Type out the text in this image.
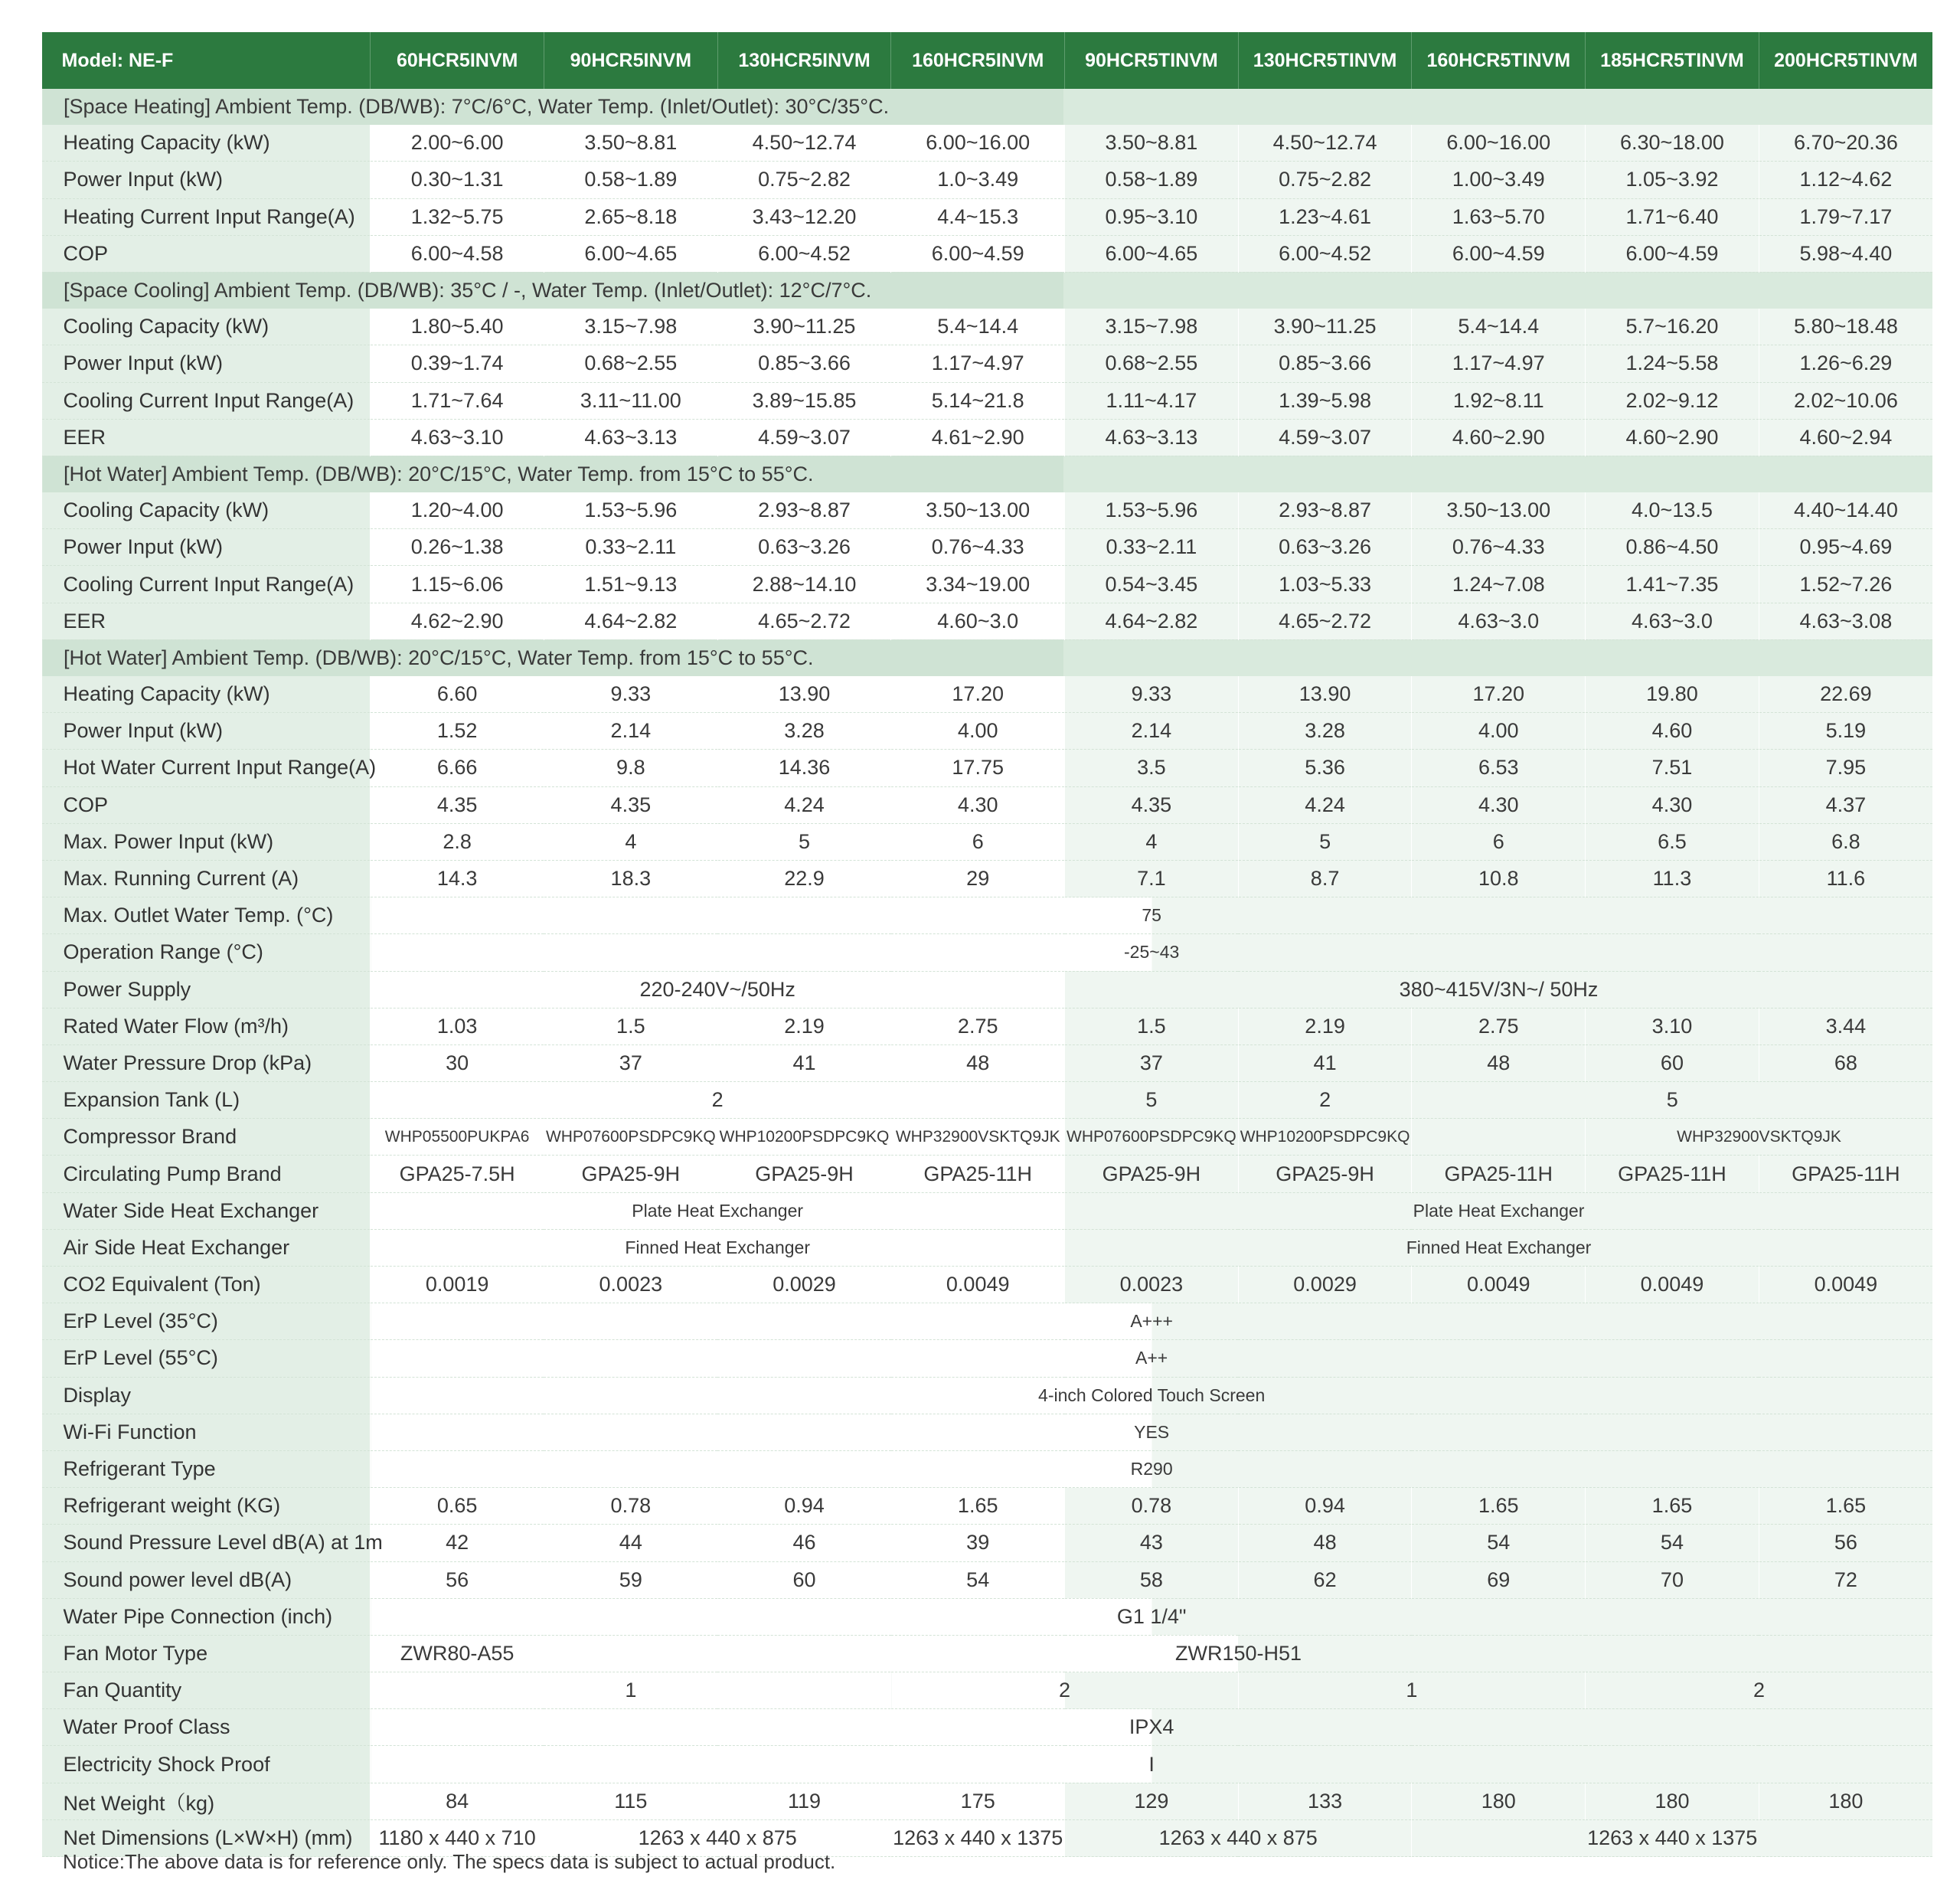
Model: NE-F	60HCR5INVM	90HCR5INVM	130HCR5INVM	160HCR5INVM	90HCR5TINVM	130HCR5TINVM	160HCR5TINVM	185HCR5TINVM	200HCR5TINVM
[Space Heating] Ambient Temp. (DB/WB): 7°C/6°C, Water Temp. (Inlet/Outlet): 30°C/35°C.									
Heating Capacity (kW)	2.00~6.00	3.50~8.81	4.50~12.74	6.00~16.00	3.50~8.81	4.50~12.74	6.00~16.00	6.30~18.00	6.70~20.36
Power Input (kW)	0.30~1.31	0.58~1.89	0.75~2.82	1.0~3.49	0.58~1.89	0.75~2.82	1.00~3.49	1.05~3.92	1.12~4.62
Heating Current Input Range(A)	1.32~5.75	2.65~8.18	3.43~12.20	4.4~15.3	0.95~3.10	1.23~4.61	1.63~5.70	1.71~6.40	1.79~7.17
COP	6.00~4.58	6.00~4.65	6.00~4.52	6.00~4.59	6.00~4.65	6.00~4.52	6.00~4.59	6.00~4.59	5.98~4.40
[Space Cooling] Ambient Temp. (DB/WB): 35°C / -, Water Temp. (Inlet/Outlet): 12°C/7°C.									
Cooling Capacity (kW)	1.80~5.40	3.15~7.98	3.90~11.25	5.4~14.4	3.15~7.98	3.90~11.25	5.4~14.4	5.7~16.20	5.80~18.48
Power Input (kW)	0.39~1.74	0.68~2.55	0.85~3.66	1.17~4.97	0.68~2.55	0.85~3.66	1.17~4.97	1.24~5.58	1.26~6.29
Cooling Current Input Range(A)	1.71~7.64	3.11~11.00	3.89~15.85	5.14~21.8	1.11~4.17	1.39~5.98	1.92~8.11	2.02~9.12	2.02~10.06
EER	4.63~3.10	4.63~3.13	4.59~3.07	4.61~2.90	4.63~3.13	4.59~3.07	4.60~2.90	4.60~2.90	4.60~2.94
[Hot Water] Ambient Temp. (DB/WB): 20°C/15°C, Water Temp. from 15°C to 55°C.									
Cooling Capacity (kW)	1.20~4.00	1.53~5.96	2.93~8.87	3.50~13.00	1.53~5.96	2.93~8.87	3.50~13.00	4.0~13.5	4.40~14.40
Power Input (kW)	0.26~1.38	0.33~2.11	0.63~3.26	0.76~4.33	0.33~2.11	0.63~3.26	0.76~4.33	0.86~4.50	0.95~4.69
Cooling Current Input Range(A)	1.15~6.06	1.51~9.13	2.88~14.10	3.34~19.00	0.54~3.45	1.03~5.33	1.24~7.08	1.41~7.35	1.52~7.26
EER	4.62~2.90	4.64~2.82	4.65~2.72	4.60~3.0	4.64~2.82	4.65~2.72	4.63~3.0	4.63~3.0	4.63~3.08
[Hot Water] Ambient Temp. (DB/WB): 20°C/15°C, Water Temp. from 15°C to 55°C.									
Heating Capacity (kW)	6.60	9.33	13.90	17.20	9.33	13.90	17.20	19.80	22.69
Power Input (kW)	1.52	2.14	3.28	4.00	2.14	3.28	4.00	4.60	5.19
Hot Water Current Input Range(A)	6.66	9.8	14.36	17.75	3.5	5.36	6.53	7.51	7.95
COP	4.35	4.35	4.24	4.30	4.35	4.24	4.30	4.30	4.37
Max. Power Input (kW)	2.8	4	5	6	4	5	6	6.5	6.8
Max. Running Current (A)	14.3	18.3	22.9	29	7.1	8.7	10.8	11.3	11.6
Max. Outlet Water Temp. (°C)	75								
Operation Range (°C)	-25~43								
Power Supply	220-240V~/50Hz				380~415V/3N~/ 50Hz				
Rated Water Flow (m³/h)	1.03	1.5	2.19	2.75	1.5	2.19	2.75	3.10	3.44
Water Pressure Drop (kPa)	30	37	41	48	37	41	48	60	68
Expansion Tank (L)	2				5	2	5		
Compressor Brand	WHP05500PUKPA6	WHP07600PSDPC9KQ	WHP10200PSDPC9KQ	WHP32900VSKTQ9JK	WHP07600PSDPC9KQ	WHP10200PSDPC9KQ		WHP32900VSKTQ9JK	
Circulating Pump Brand	GPA25-7.5H	GPA25-9H	GPA25-9H	GPA25-11H	GPA25-9H	GPA25-9H	GPA25-11H	GPA25-11H	GPA25-11H
Water Side Heat Exchanger	Plate Heat Exchanger				Plate Heat Exchanger				
Air Side Heat Exchanger	Finned Heat Exchanger				Finned Heat Exchanger				
CO2 Equivalent (Ton)	0.0019	0.0023	0.0029	0.0049	0.0023	0.0029	0.0049	0.0049	0.0049
ErP Level (35°C)	A+++								
ErP Level (55°C)	A++								
Display	4-inch Colored Touch Screen								
Wi-Fi Function	YES								
Refrigerant Type	R290								
Refrigerant weight (KG)	0.65	0.78	0.94	1.65	0.78	0.94	1.65	1.65	1.65
Sound Pressure Level dB(A) at 1m	42	44	46	39	43	48	54	54	56
Sound power level dB(A)	56	59	60	54	58	62	69	70	72
Water Pipe Connection (inch)	G1 1/4"								
Fan Motor Type	ZWR80-A55	ZWR150-H51							
Fan Quantity	1			2		1		2	
Water Proof Class	IPX4								
Electricity Shock Proof	I								
Net Weight（kg)	84	115	119	175	129	133	180	180	180
Net Dimensions (L×W×H) (mm)	1180 x 440 x 710	1263 x 440 x 875		1263 x 440 x 1375	1263 x 440 x 875		1263 x 440 x 1375		
Notice:The above data is for reference only. The specs data is subject to actual product.
